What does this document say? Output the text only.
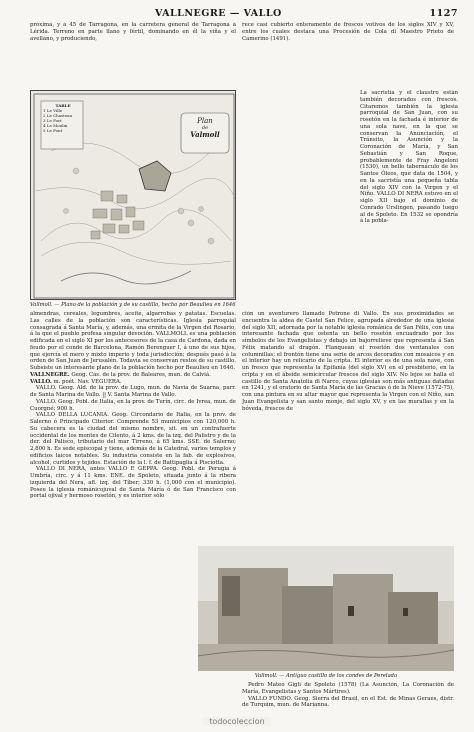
VALLNEGRE — VALLO	1127

próxima, y á 45 de Tarragona, en la carretera general de Tarragona á Lérida. Terreno en parte llano y fértil, dominando en él la viña y el avellano, y produciendo,

rece casi cubierto enteramente de frescos votivos de los siglos XIV y XV, entre los cuales destaca una Procesión de Cola di Maestro Prieto de Camerino (1491).

TABLE
1 Le Ville
2 Le Chasteau
3 Le Fort
4 Le Moulin
5 Le Pont
Plan
de
Valmoll
Vallmoll. — Plano de la población y de su castillo, hecho por Beaulieu en 1646

La sacristía y el claustro están también decorados con frescos. Citaremos también la iglesia parroquial de San Juan, con su rosetón en la fachada é interior de una sola nave, en la que se conservan la Anunciación, el Tránsito, la Asunción y la Coronación de María, y San Sebastián y San Roque, probablemente de Fray Angeloni (1530), un bello tabernáculo de los Santos Óleos, que data de 1504, y en la sacristía una pequeña tabla del siglo XIV con la Virgen y el Niño. VALLO DI NERA estuvo en el siglo XII bajo el dominio de Conrado Urslingen, pasando luego al de Spoleto. En 1532 se opondría á la pobla-

almendras, cereales, legumbres, aceite, algarrobas y patatas. Escuelas. Las calles de la población son características. Iglesia parroquial consagrada á Santa María, y, además, una ermita de la Virgen del Rosario, á la que el pueblo profesa singular devoción. VALLMOLL es una población edificada en el siglo XI por los antecesores de la casa de Cardona, dada en feudo por el conde de Barcelona, Ramón Berenguer I, á uno de sus hijos, que ejercía el mero y mixto imperio y toda jurisdicción; después pasó á la orden de San Juan de Jerusalén. Todavía se conservan restos de su castillo. Subsiste un interesante plano de la población hecho por Beaulieu en 1646.

VALLNEGRE. Geog. Cas. de la prov. de Baleares, mun. de Calviá.

VALLO. m. poét. Nav. VEGUERA.

VALLO. Geog. Ald. de la prov. de Lugo, mun. de Navia de Suarna, parr. de Santa Marina de Vallo. || V. Santa Marina de Vallo.

VALLO. Geog. Pobl. de Italia, en la prov. de Turín, circ. de Ivrea, mun. de Cuorgné; 900 h.

VALLO DELLA LUCANIA. Geog. Circondario de Italia, en la prov. de Salerno ó Principado Citerior. Comprende 53 municipios con 120,000 h. Su cabecera es la ciudad del mismo nombre, sit. en un contrafuerte occidental de los montes de Cilento, á 2 kms. de la izq. del Palistro y de la der. del Palisco, tributario del mar Tirreno, á 65 kms. SSE. de Salerno; 2,800 h. Es sede episcopal y tiene, además de la Catedral, varios templos y edificios laicos notables. Su industria consiste en la fab. de explosivos, alcohol, curtidos y tejidos. Estación de la l. f. de Battipaglia á Pisciotta.

VALLO DI NERA, antes VALLO E GEPPA. Geog. Pobl. de Perugia á Umbría, circ. y á 11 kms. ENE. de Spoleto, situada junto á la ribera izquierda del Nera, afl. izq. del Tíber; 330 h. (1,000 con el municipio). Posee la iglesia románicojuval de Santa María ó de San Francisco con portal ojival y hermoso rosetón, y es interior sólo

ción un aventurero llamado Petrone di Vallo. En sus proximidades se encuentra la aldea de Castel San Felice, agrupada alrededor de una iglesia del siglo XII, adornada por la notable iglesia románica de San Félix, con una interesante fachada que ostenta un bello rosetón encuadrado por los símbolos de los Evangelistas y debajo un bajorrelieve que representa á San Félix matando al dragón. Flanquean el rosetón dos ventanales con columnillas; el frontón tiene una serie de arcos decorados con mosaicos y en el interior hay un relicario de la cripta. El interior es de una sola nave, con un fresco que representa la Epifanía (del siglo XV) en el presbiterio, en la cripta y en el ábside semicircular frescos del siglo XIV. No lejos se halla el castillo de Santa Anatolia di Narco, cuyas iglesias son más antiguas datadas en 1241, y el oratorio de Santa María de las Gracias ó de la Nieve (1572-75), con una pintura en su altar mayor que representa la Virgen con el Niño, san Juan Evangelista y san santo monje, del siglo XV, y en las murallas y en la bóveda, frescos de

Vallmoll. — Antiguo castillo de los condes de Perelada

Pedro Mateo Gigli de Spoleto (1578) (La Asunción, La Coronación de María, Evangelistas y Santos Mártires).

VALLO FUNDO. Geog. Sierra del Brasil, en el Est. de Minas Geraes, distr. de Turquim, mun. de Marianna.

todocoleccion
